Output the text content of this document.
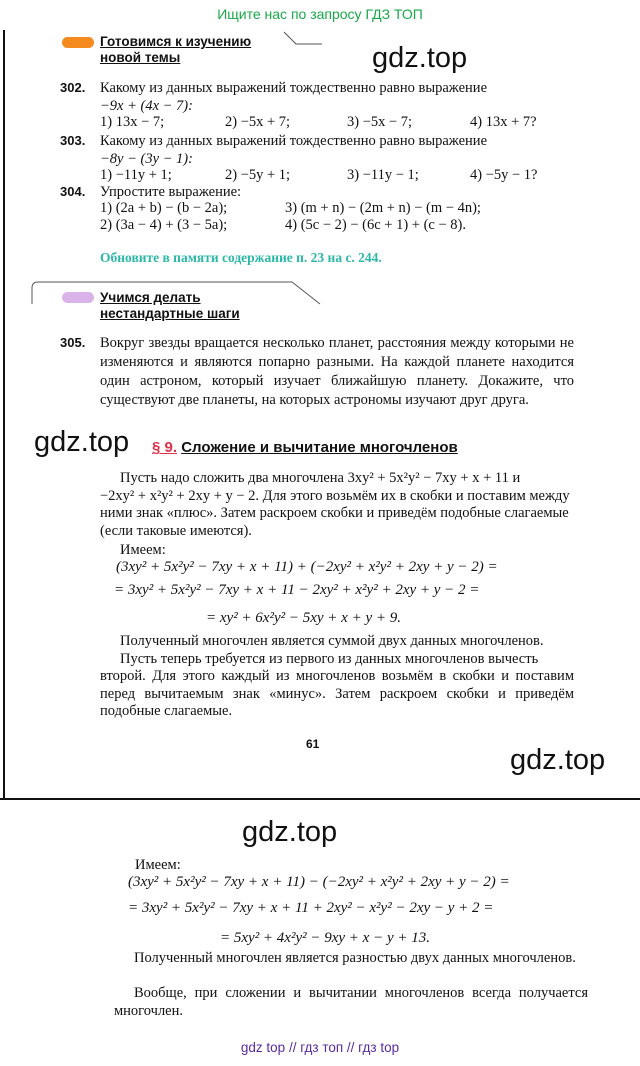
Ищите нас по запросу ГДЗ ТОП
Готовимся к изучению
новой темы	gdz.top
302. Какому из данных выражений тождественно равно выражение
−9x + (4x − 7):
1) 13x − 7;	2) −5x + 7;	3) −5x − 7;	4) 13x + 7?
303. Какому из данных выражений тождественно равно выражение
−8y − (3y − 1):
1) −11y + 1;	2) −5y + 1;	3) −11y − 1;	4) −5y − 1?
304. Упростите выражение:
1) (2a + b) − (b − 2a);	3) (m + n) − (2m + n) − (m − 4n);
2) (3a − 4) + (3 − 5a);	4) (5c − 2) − (6c + 1) + (c − 8).
Обновите в памяти содержание п. 23 на с. 244.
Учимся делать
нестандартные шаги
305. Вокруг звезды вращается несколько планет, расстояния между которыми не изменяются и являются попарно разными. На каждой планете находится один астроном, который изучает ближайшую планету. Докажите, что существуют две планеты, на которых астрономы изучают друг друга.
gdz.top § 9. Сложение и вычитание многочленов
Пусть надо сложить два многочлена 3xy² + 5x²y² − 7xy + x + 11 и
−2xy² + x²y² + 2xy + y − 2. Для этого возьмём их в скобки и поставим между
ними знак «плюс». Затем раскроем скобки и приведём подобные слагаемые
(если таковые имеются).
Имеем:
(3xy² + 5x²y² − 7xy + x + 11) + (−2xy² + x²y² + 2xy + y − 2) =
= 3xy² + 5x²y² − 7xy + x + 11 − 2xy² + x²y² + 2xy + y − 2 =
= xy² + 6x²y² − 5xy + x + y + 9.
Полученный многочлен является суммой двух данных многочленов.
Пусть теперь требуется из первого из данных многочленов вычесть
второй. Для этого каждый из многочленов возьмём в скобки и поставим перед вычитаемым знак «минус». Затем раскроем скобки и приведём подобные слагаемые.
61	gdz.top
gdz.top
Имеем:
(3xy² + 5x²y² − 7xy + x + 11) − (−2xy² + x²y² + 2xy + y − 2) =
= 3xy² + 5x²y² − 7xy + x + 11 + 2xy² − x²y² − 2xy − y + 2 =
= 5xy² + 4x²y² − 9xy + x − y + 13.
Полученный многочлен является разностью двух данных многочленов.
Вообще, при сложении и вычитании многочленов всегда получается многочлен.
gdz top // гдз топ // гдз top
